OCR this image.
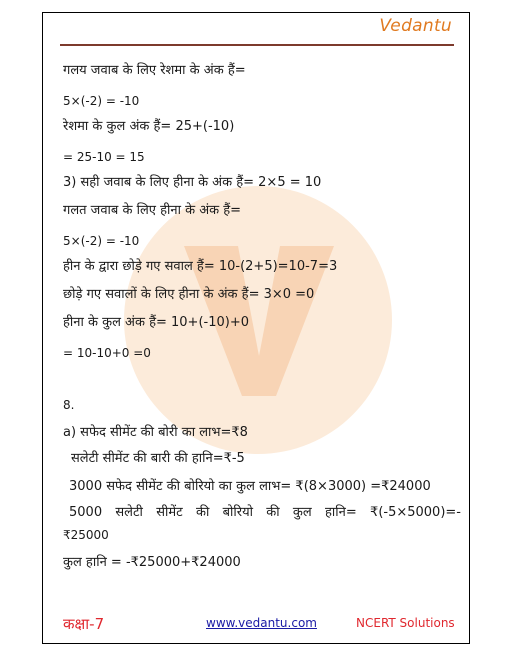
Vedantu
गलय जवाब के लिए रेशमा के अंक हैं=
5×(-2) = -10
रेशमा के कुल अंक हैं= 25+(-10)
= 25-10 = 15
3) सही जवाब के लिए हीना के अंक हैं= 2×5 = 10
गलत जवाब के लिए हीना के अंक हैं=
5×(-2) = -10
हीन के द्वारा छोड़े गए सवाल हैं= 10-(2+5)=10-7=3
छोड़े गए सवालों के लिए हीना के अंक हैं= 3×0 =0
हीना के कुल अंक हैं= 10+(-10)+0
= 10-10+0 =0
8.
a) सफेद सीमेंट की बोरी का लाभ=₹8
सलेटी सीमेंट की बारी की हानि=₹-5
3000 सफेद सीमेंट की बोरियो का कुल लाभ= ₹(8×3000) =₹24000
5000 सलेटी सीमेंट की बोरियो की कुल हानि= ₹(-5×5000)=-
₹25000
कुल हानि = -₹25000+₹24000
कक्षा-7	www.vedantu.com	NCERT Solutions
